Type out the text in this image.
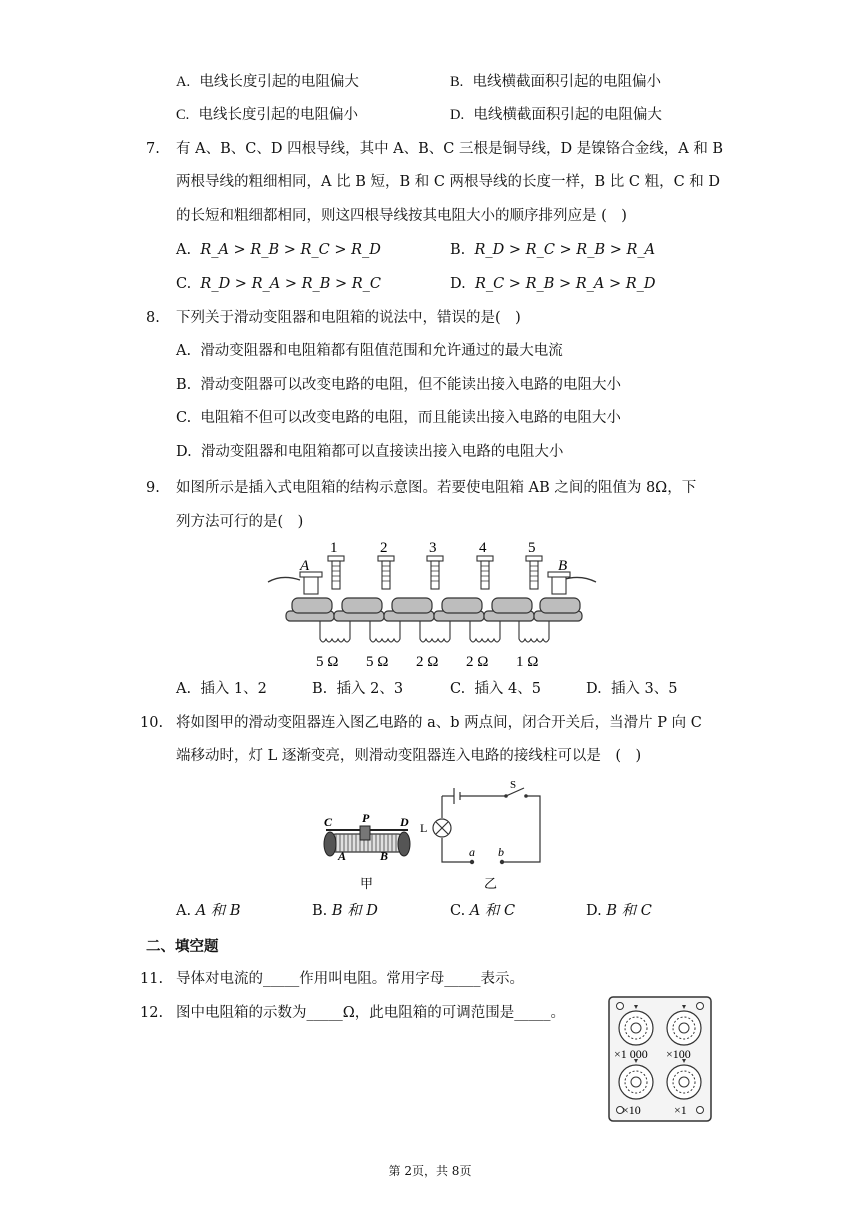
A. 电线长度引起的电阻偏大	B. 电线横截面积引起的电阻偏小
C. 电线长度引起的电阻偏小	D. 电线横截面积引起的电阻偏大
7. 有 A、B、C、D 四根导线，其中 A、B、C 三根是铜导线，D 是镍铬合金线，A 和 B
两根导线的粗细相同，A 比 B 短，B 和 C 两根导线的长度一样，B 比 C 粗，C 和 D
的长短和粗细都相同，则这四根导线按其电阻大小的顺序排列应是 (　)
A. R_A > R_B > R_C > R_D	B. R_D > R_C > R_B > R_A
C. R_D > R_A > R_B > R_C	D. R_C > R_B > R_A > R_D
8. 下列关于滑动变阻器和电阻箱的说法中，错误的是(　)
A. 滑动变阻器和电阻箱都有阻值范围和允许通过的最大电流
B. 滑动变阻器可以改变电路的电阻，但不能读出接入电路的电阻大小
C. 电阻箱不但可以改变电路的电阻，而且能读出接入电路的电阻大小
D. 滑动变阻器和电阻箱都可以直接读出接入电路的电阻大小
9. 如图所示是插入式电阻箱的结构示意图。若要使电阻箱 AB 之间的阻值为 8Ω，下
列方法可行的是(　)
A	B
1	2	3	4	5
5 Ω 5 Ω 2 Ω 2 Ω 1 Ω
A. 插入 1、2	B. 插入 2、3	C. 插入 4、5	D. 插入 3、5
10. 将如图甲的滑动变阻器连入图乙电路的 a、b 两点间，闭合开关后，当滑片 P 向 C
端移动时，灯 L 逐渐变亮，则滑动变阻器连入电路的接线柱可以是　(　)
C P	D
A	B
甲
S
L
a b
乙
A. A 和 B	B. B 和 D	C. A 和 C	D. B 和 C
二、填空题
11. 导体对电流的_____作用叫电阻。常用字母_____表示。
12. 图中电阻箱的示数为_____Ω，此电阻箱的可调范围是_____。
×1 000 ×100
×10	×1
第 2页，共 8页
